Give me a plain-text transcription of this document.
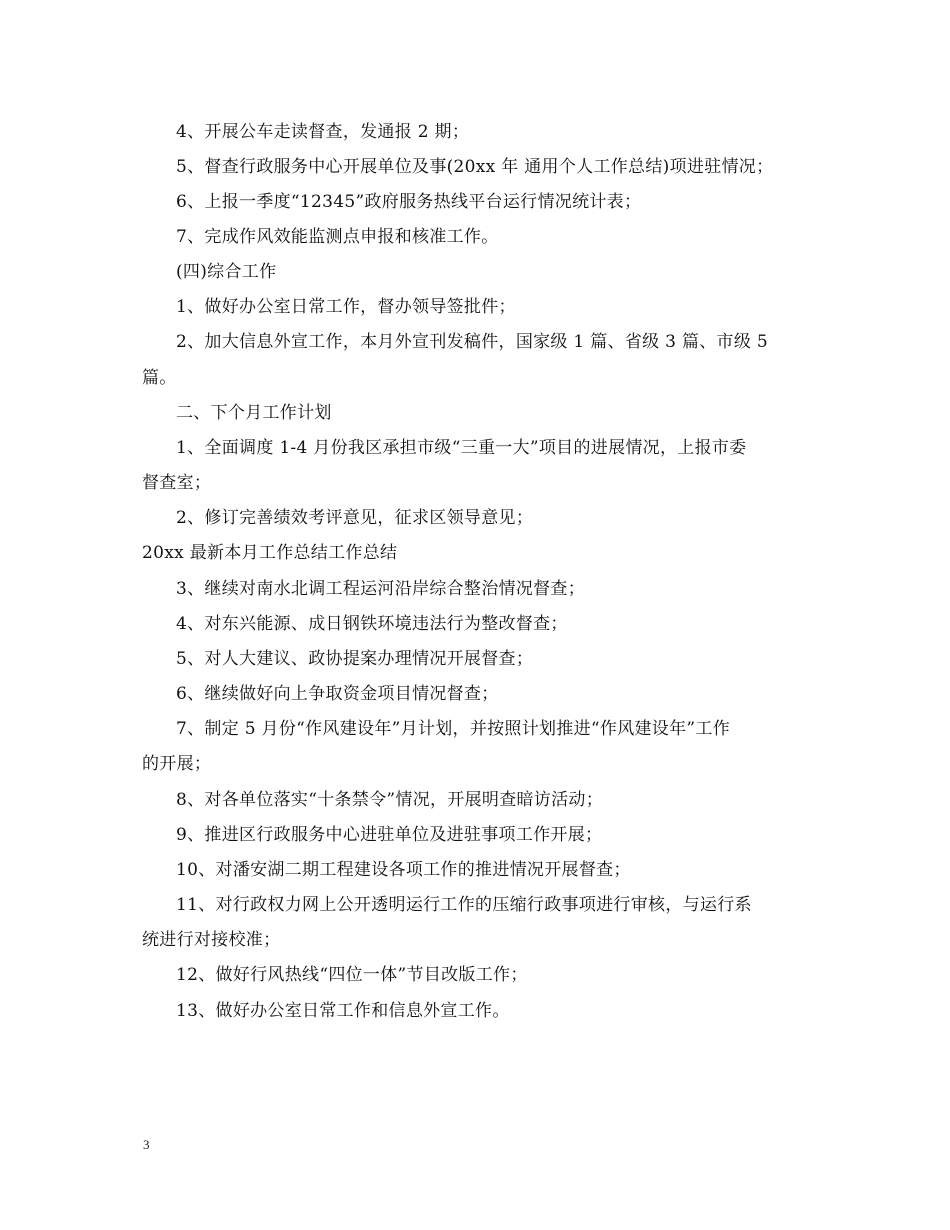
4、开展公车走读督查，发通报 2 期；
5、督查行政服务中心开展单位及事(20xx 年 通用个人工作总结)项进驻情况；
6、上报一季度“12345”政府服务热线平台运行情况统计表；
7、完成作风效能监测点申报和核准工作。
(四)综合工作
1、做好办公室日常工作，督办领导签批件；
2、加大信息外宣工作，本月外宣刊发稿件，国家级 1 篇、省级 3 篇、市级 5
篇。
二、下个月工作计划
1、全面调度 1-4 月份我区承担市级“三重一大”项目的进展情况，上报市委
督查室；
2、修订完善绩效考评意见，征求区领导意见；
20xx 最新本月工作总结工作总结
3、继续对南水北调工程运河沿岸综合整治情况督查；
4、对东兴能源、成日钢铁环境违法行为整改督查；
5、对人大建议、政协提案办理情况开展督查；
6、继续做好向上争取资金项目情况督查；
7、制定 5 月份“作风建设年”月计划，并按照计划推进“作风建设年”工作
的开展；
8、对各单位落实“十条禁令”情况，开展明查暗访活动；
9、推进区行政服务中心进驻单位及进驻事项工作开展；
10、对潘安湖二期工程建设各项工作的推进情况开展督查；
11、对行政权力网上公开透明运行工作的压缩行政事项进行审核，与运行系
统进行对接校准；
12、做好行风热线“四位一体”节目改版工作；
13、做好办公室日常工作和信息外宣工作。
3
